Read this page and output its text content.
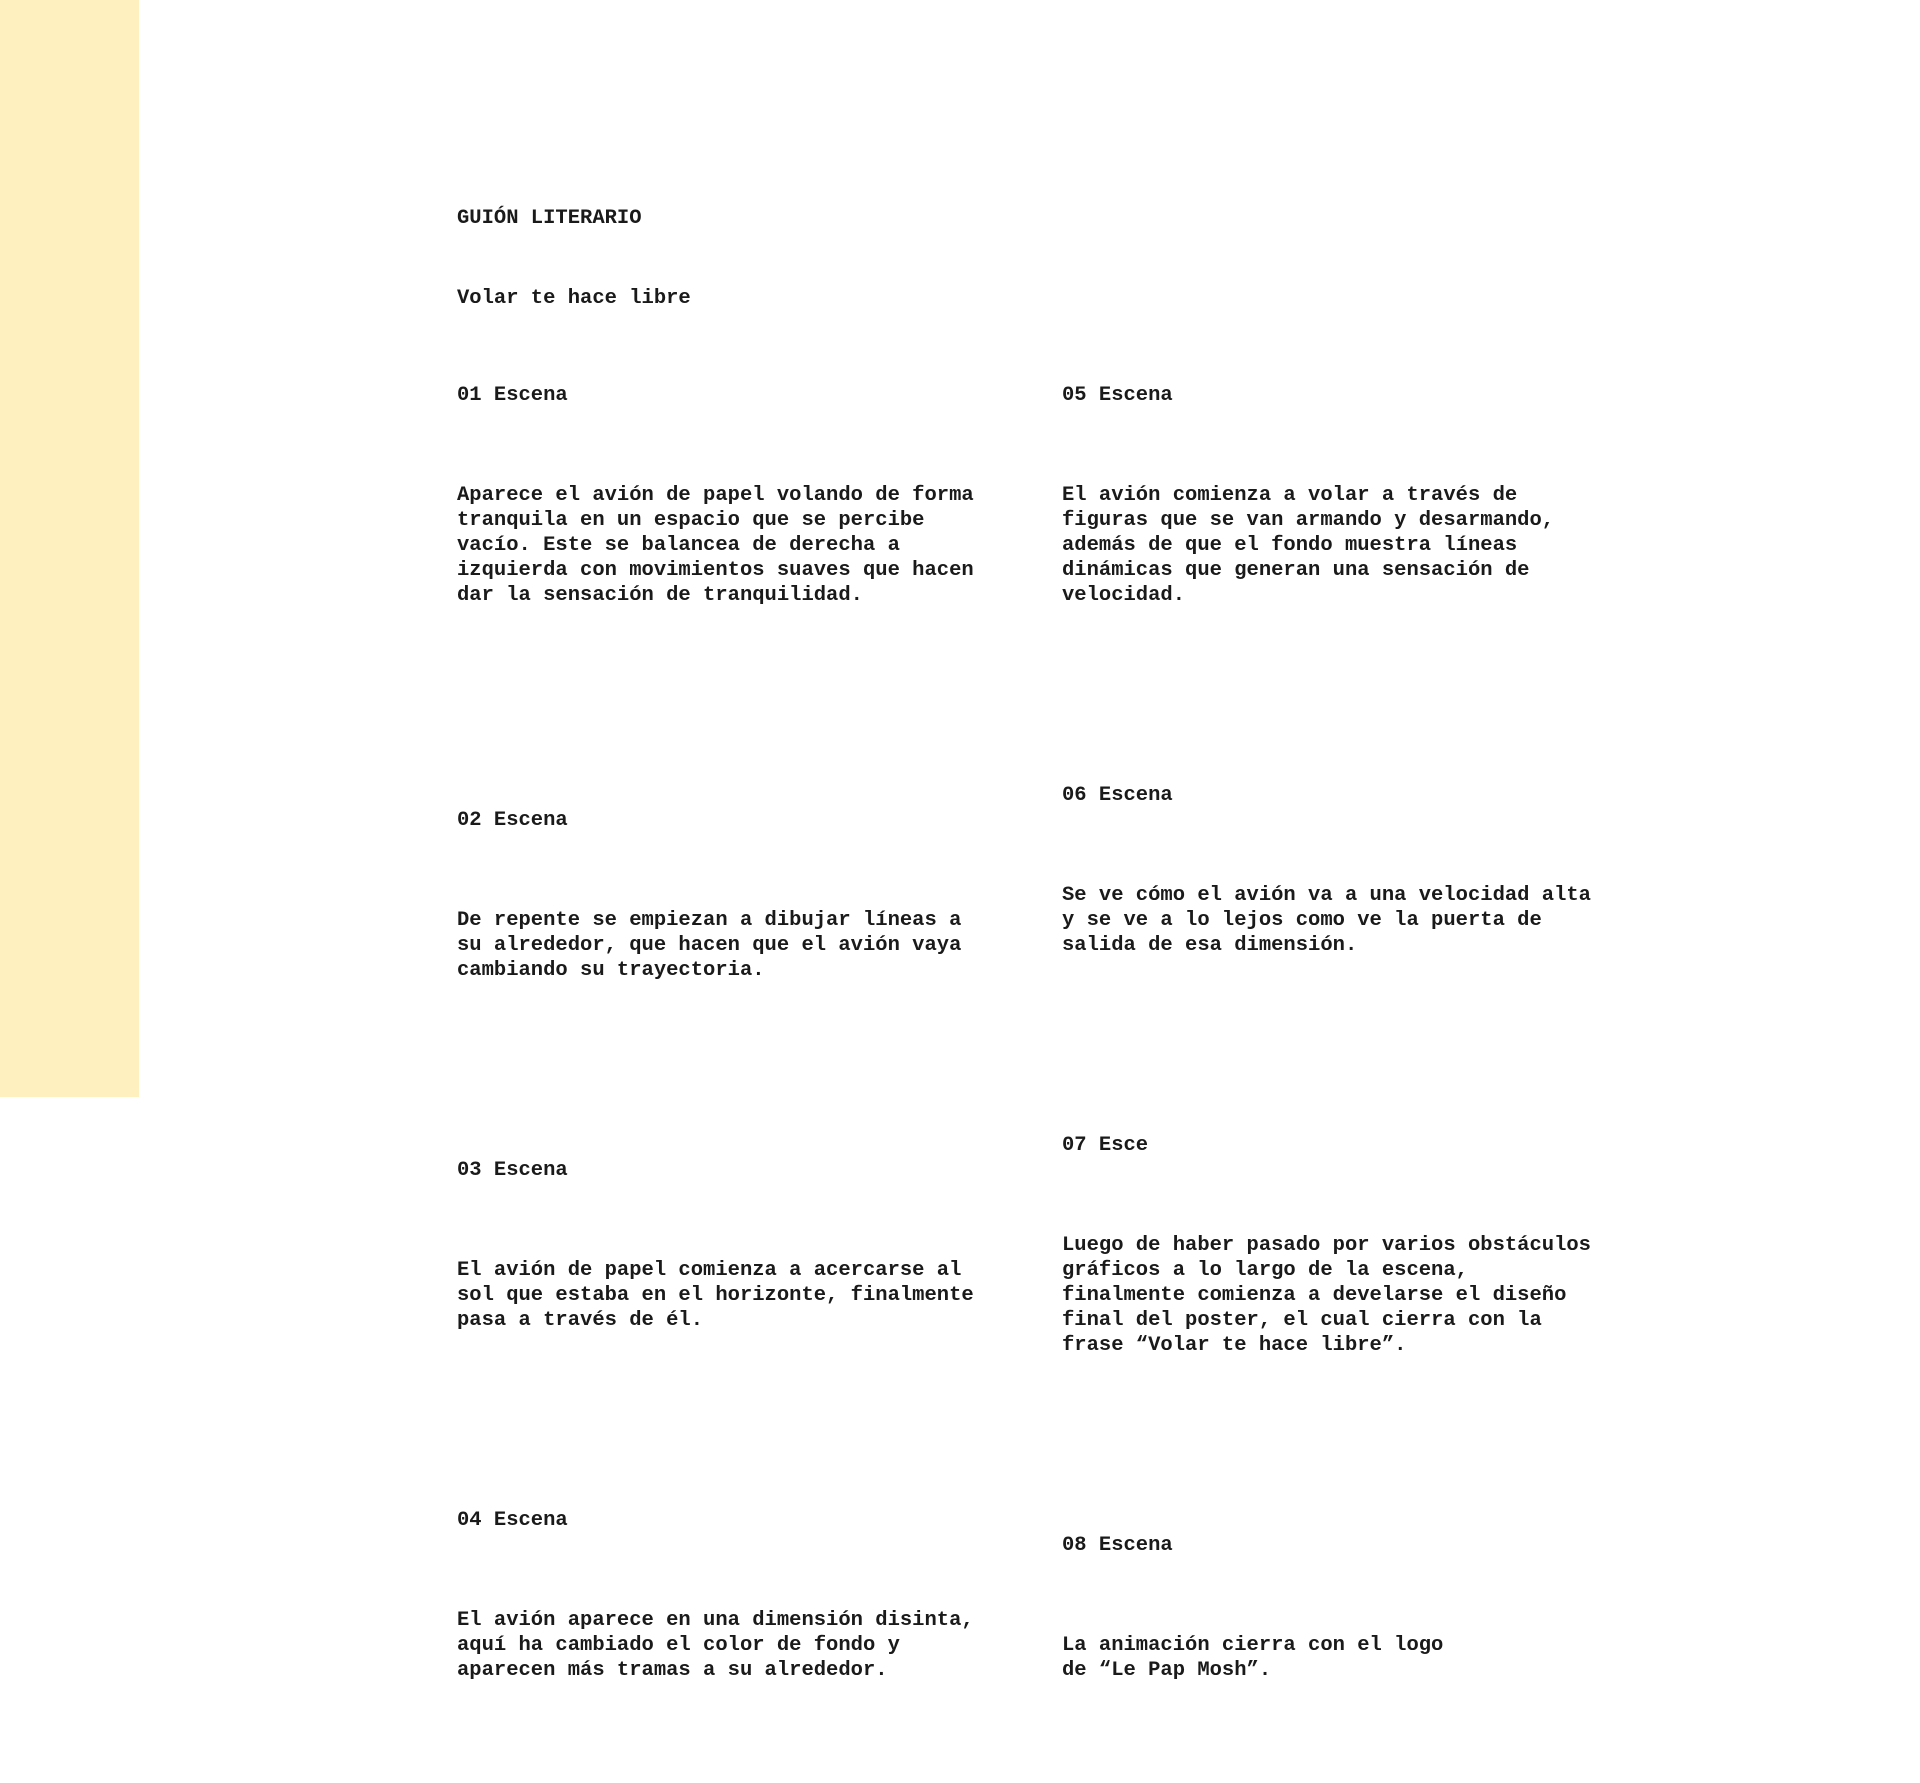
GUIÓN LITERARIO

Volar te hace libre

01 Escena

Aparece el avión de papel volando de forma
tranquila en un espacio que se percibe
vacío. Este se balancea de derecha a
izquierda con movimientos suaves que hacen
dar la sensación de tranquilidad.

02 Escena

De repente se empiezan a dibujar líneas a
su alrededor, que hacen que el avión vaya
cambiando su trayectoria.

03 Escena

El avión de papel comienza a acercarse al
sol que estaba en el horizonte, finalmente
pasa a través de él.

04 Escena

El avión aparece en una dimensión disinta,
aquí ha cambiado el color de fondo y
aparecen más tramas a su alrededor.

05 Escena

El avión comienza a volar a través de
figuras que se van armando y desarmando,
además de que el fondo muestra líneas
dinámicas que generan una sensación de
velocidad.

06 Escena

Se ve cómo el avión va a una velocidad alta
y se ve a lo lejos como ve la puerta de
salida de esa dimensión.

07 Esce

Luego de haber pasado por varios obstáculos
gráficos a lo largo de la escena,
finalmente comienza a develarse el diseño
final del poster, el cual cierra con la
frase “Volar te hace libre”.

08 Escena

La animación cierra con el logo
de “Le Pap Mosh”.
